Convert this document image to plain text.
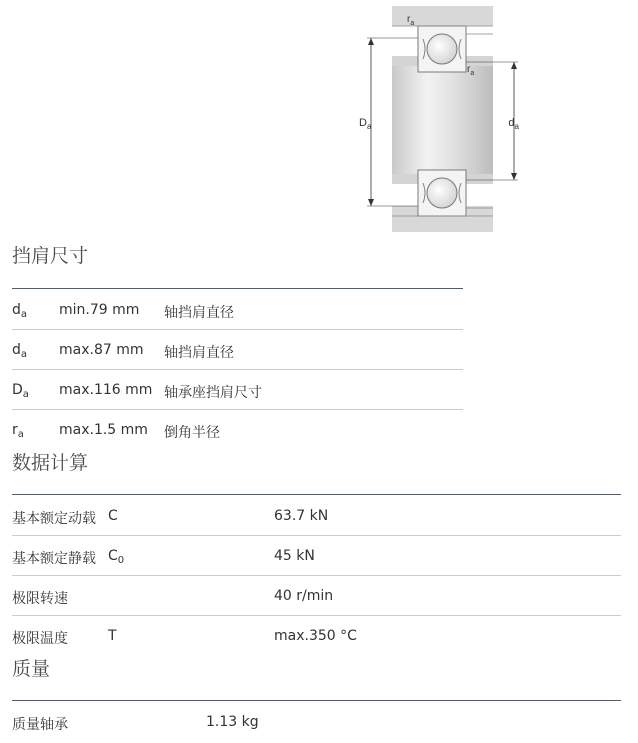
$r_a$
$r_a$
$D_a$	$d_a$
挡肩尺寸
$d_a$ min.79 mm 轴挡肩直径
$d_a$ max.87 mm 轴挡肩直径
$D_a$ max.116 mm 轴承座挡肩尺寸
$r_a$	max.1.5 mm 倒角半径
数据计算
基本额定动载 C	63.7 kN
基本额定静载 $C_0$	45 kN
极限转速	40 r/min
极限温度	T	max.350 °C
质量
质量轴承	1.13 kg
